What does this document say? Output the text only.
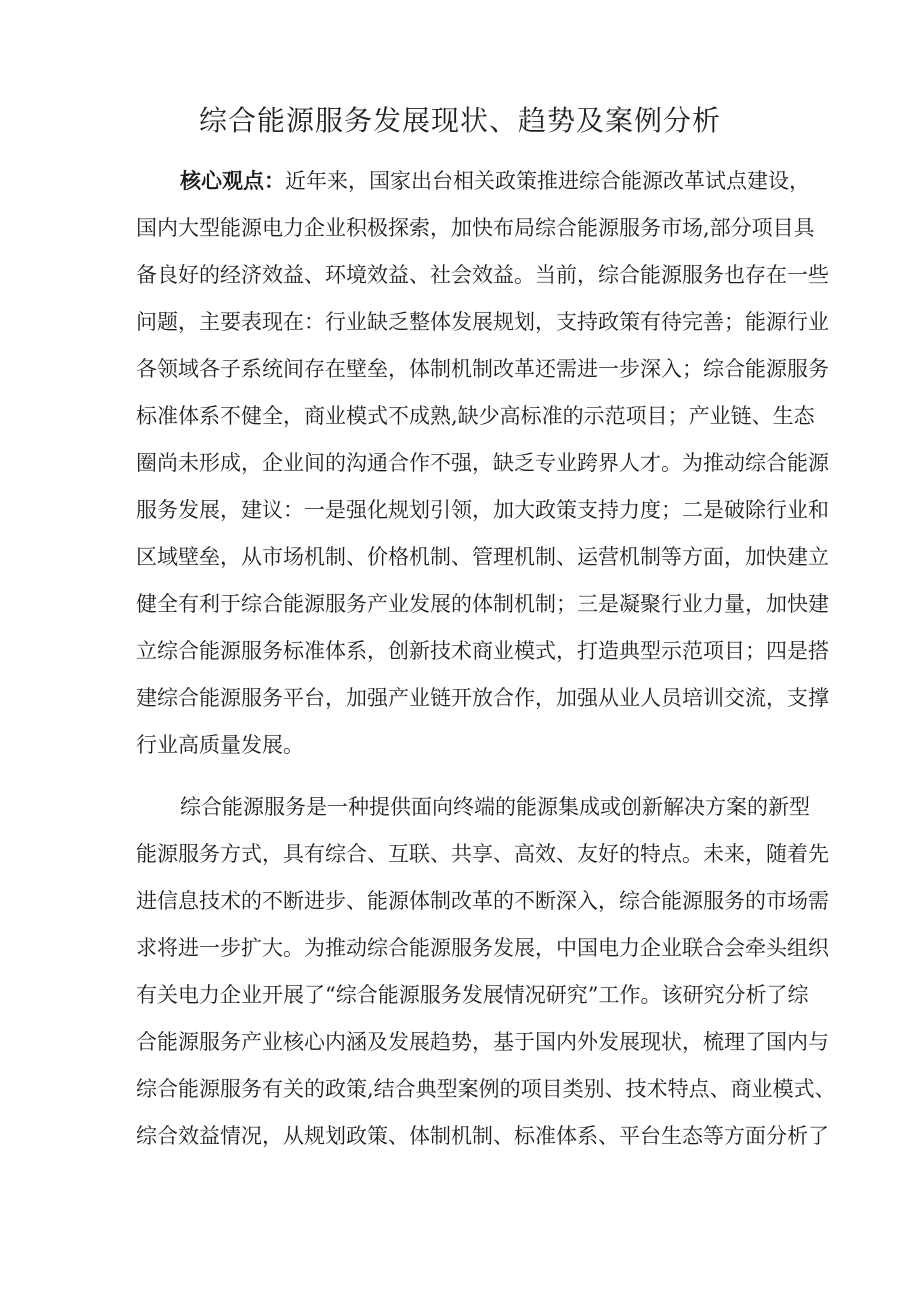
综合能源服务发展现状、趋势及案例分析
核心观点：近年来，国家出台相关政策推进综合能源改革试点建设，
国内大型能源电力企业积极探索，加快布局综合能源服务市场,部分项目具
备良好的经济效益、环境效益、社会效益。当前，综合能源服务也存在一些
问题，主要表现在：行业缺乏整体发展规划，支持政策有待完善；能源行业
各领域各子系统间存在壁垒，体制机制改革还需进一步深入；综合能源服务
标准体系不健全，商业模式不成熟,缺少高标准的示范项目；产业链、生态
圈尚未形成，企业间的沟通合作不强，缺乏专业跨界人才。为推动综合能源
服务发展，建议：一是强化规划引领，加大政策支持力度；二是破除行业和
区域壁垒，从市场机制、价格机制、管理机制、运营机制等方面，加快建立
健全有利于综合能源服务产业发展的体制机制；三是凝聚行业力量，加快建
立综合能源服务标准体系，创新技术商业模式，打造典型示范项目；四是搭
建综合能源服务平台，加强产业链开放合作，加强从业人员培训交流，支撑
行业高质量发展。
综合能源服务是一种提供面向终端的能源集成或创新解决方案的新型
能源服务方式，具有综合、互联、共享、高效、友好的特点。未来，随着先
进信息技术的不断进步、能源体制改革的不断深入，综合能源服务的市场需
求将进一步扩大。为推动综合能源服务发展，中国电力企业联合会牵头组织
有关电力企业开展了“综合能源服务发展情况研究”工作。该研究分析了综
合能源服务产业核心内涵及发展趋势，基于国内外发展现状，梳理了国内与
综合能源服务有关的政策,结合典型案例的项目类别、技术特点、商业模式、
综合效益情况，从规划政策、体制机制、标准体系、平台生态等方面分析了
